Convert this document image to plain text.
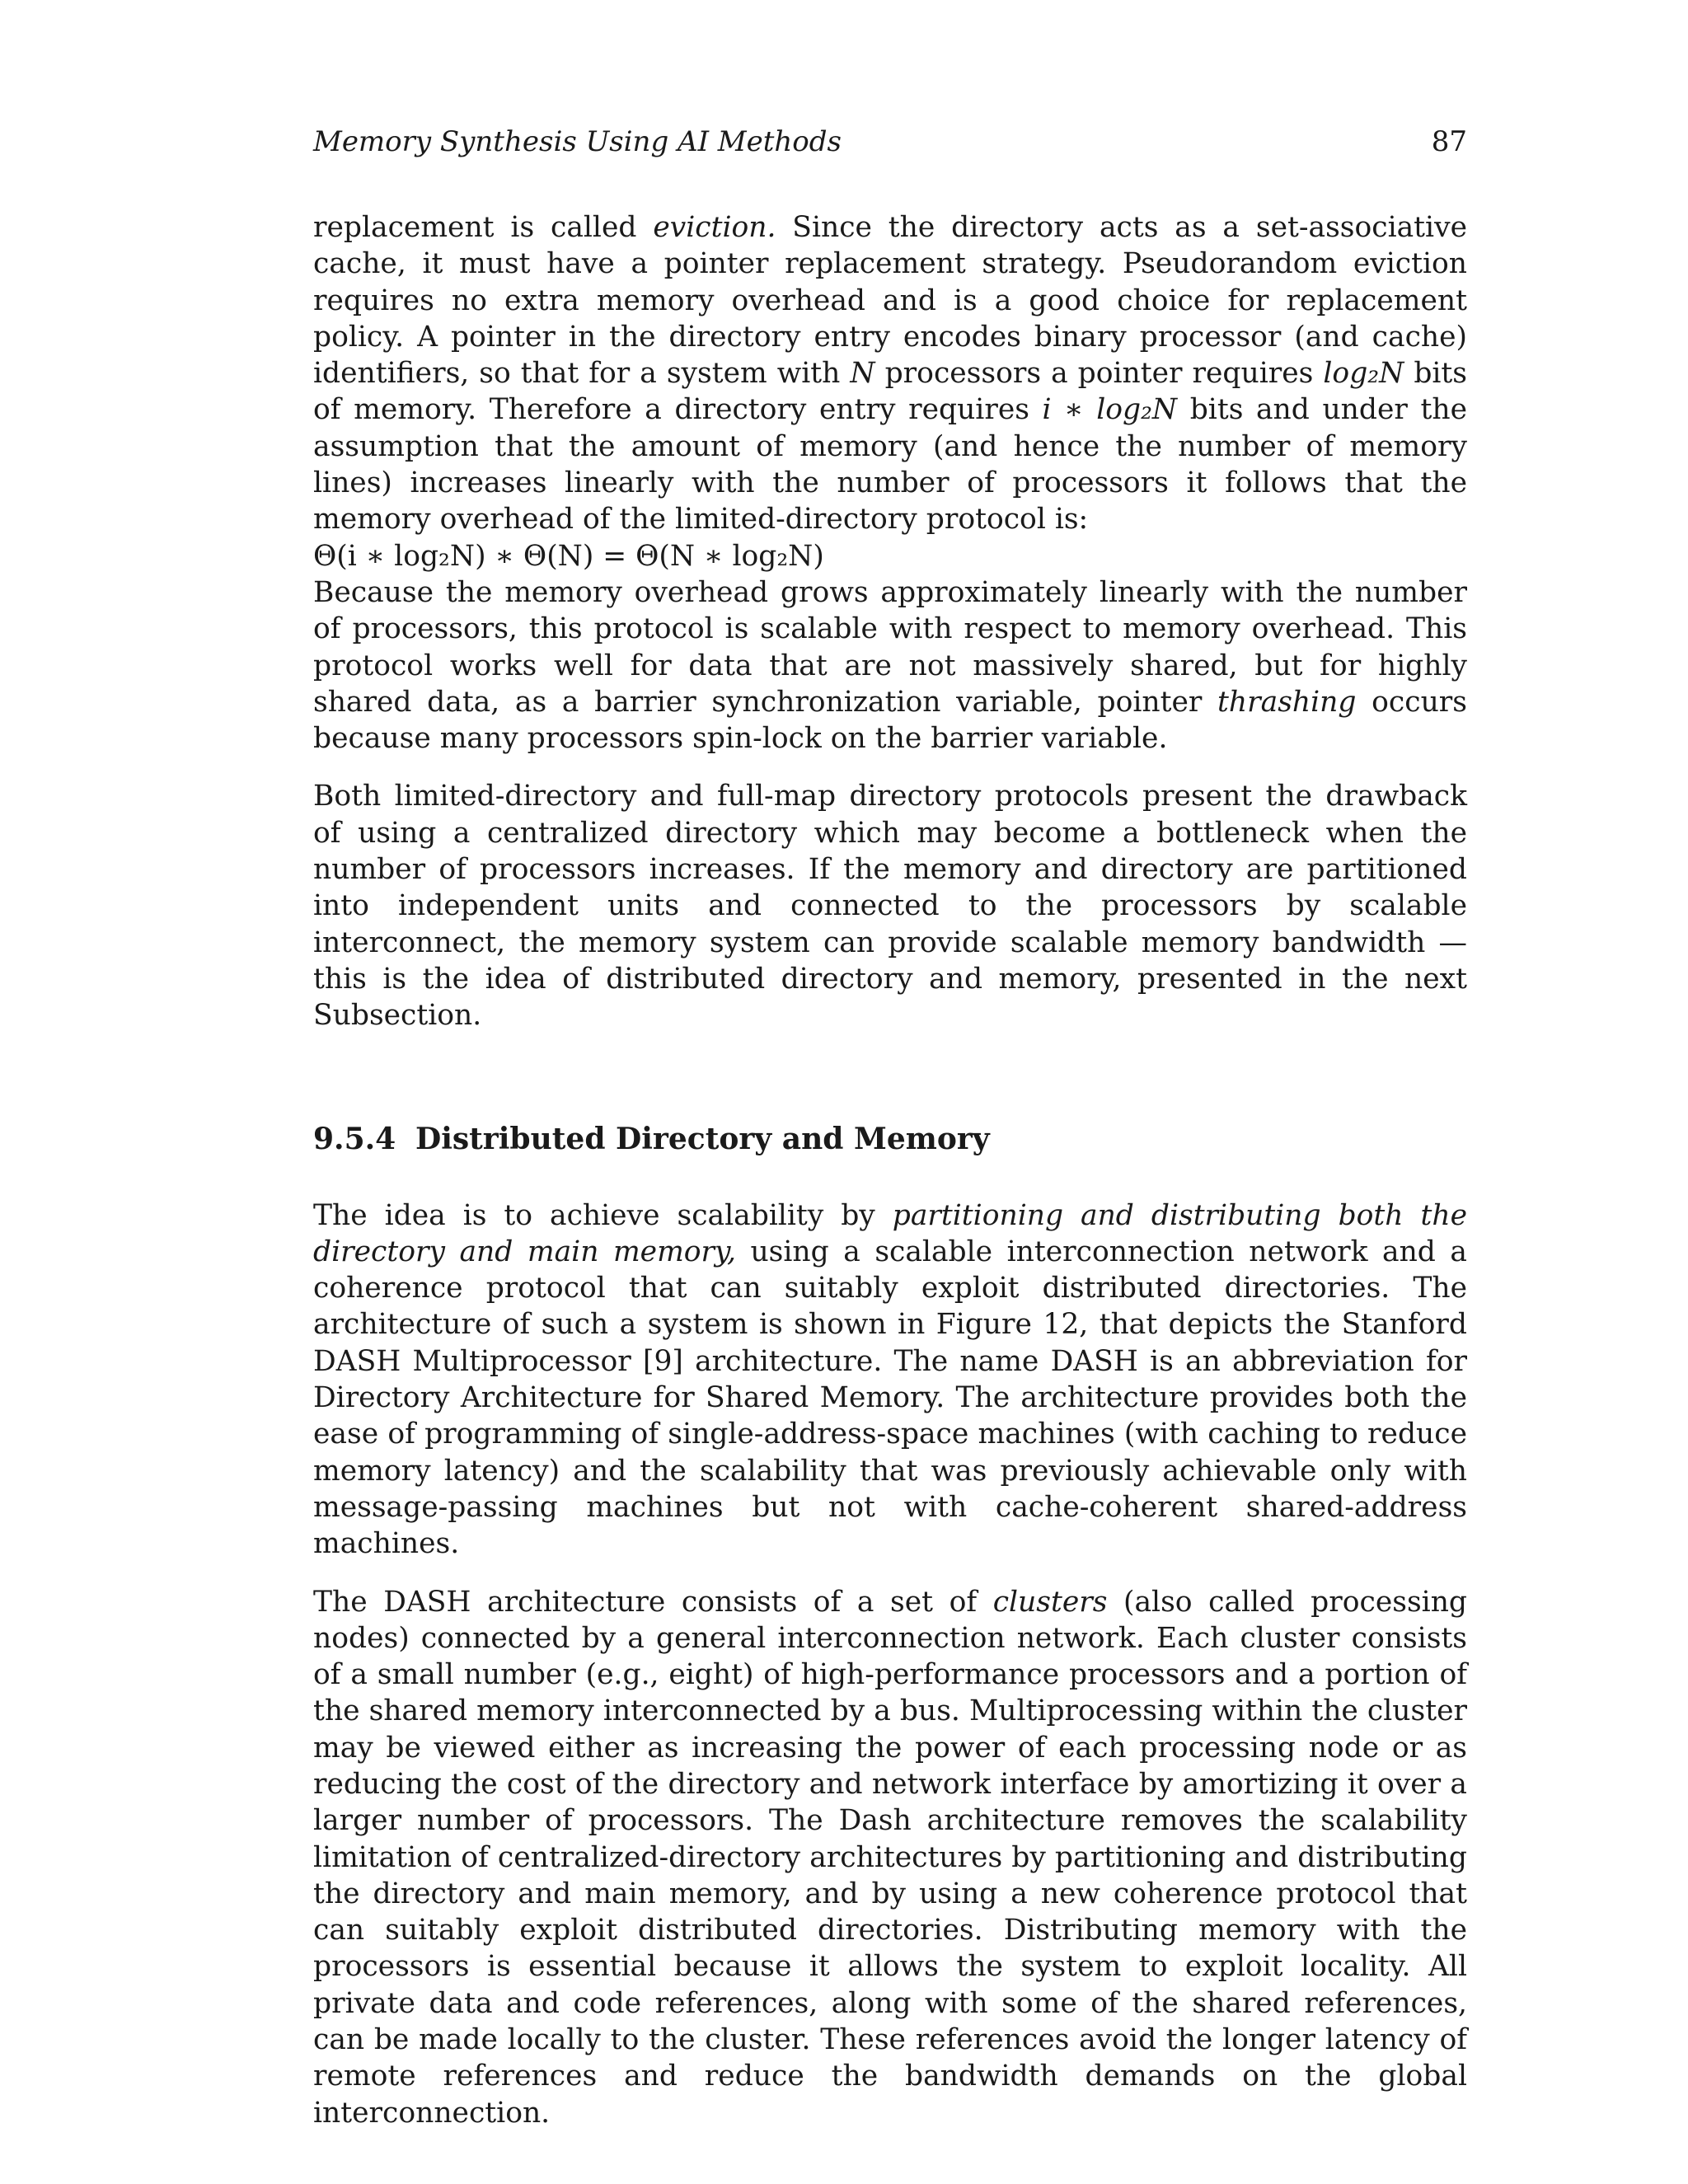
Memory Synthesis Using AI Methods	87

replacement is called eviction. Since the directory acts as a set-associative cache, it must have a pointer replacement strategy. Pseudorandom eviction requires no extra memory overhead and is a good choice for replacement policy. A pointer in the directory entry encodes binary processor (and cache) identifiers, so that for a system with N processors a pointer requires log₂N bits of memory. Therefore a directory entry requires i ∗ log₂N bits and under the assumption that the amount of memory (and hence the number of memory lines) increases linearly with the number of processors it follows that the memory overhead of the limited-directory protocol is:

Θ(i ∗ log₂N) ∗ Θ(N) = Θ(N ∗ log₂N)

Because the memory overhead grows approximately linearly with the number of processors, this protocol is scalable with respect to memory overhead. This protocol works well for data that are not massively shared, but for highly shared data, as a barrier synchronization variable, pointer thrashing occurs because many processors spin-lock on the barrier variable.

Both limited-directory and full-map directory protocols present the drawback of using a centralized directory which may become a bottleneck when the number of processors increases. If the memory and directory are partitioned into independent units and connected to the processors by scalable interconnect, the memory system can provide scalable memory bandwidth — this is the idea of distributed directory and memory, presented in the next Subsection.

9.5.4 Distributed Directory and Memory

The idea is to achieve scalability by partitioning and distributing both the directory and main memory, using a scalable interconnection network and a coherence protocol that can suitably exploit distributed directories. The architecture of such a system is shown in Figure 12, that depicts the Stanford DASH Multiprocessor [9] architecture. The name DASH is an abbreviation for Directory Architecture for Shared Memory. The architecture provides both the ease of programming of single-address-space machines (with caching to reduce memory latency) and the scalability that was previously achievable only with message-passing machines but not with cache-coherent shared-address machines.

The DASH architecture consists of a set of clusters (also called processing nodes) connected by a general interconnection network. Each cluster consists of a small number (e.g., eight) of high-performance processors and a portion of the shared memory interconnected by a bus. Multiprocessing within the cluster may be viewed either as increasing the power of each processing node or as reducing the cost of the directory and network interface by amortizing it over a larger number of processors. The Dash architecture removes the scalability limitation of centralized-directory architectures by partitioning and distributing the directory and main memory, and by using a new coherence protocol that can suitably exploit distributed directories. Distributing memory with the processors is essential because it allows the system to exploit locality. All private data and code references, along with some of the shared references, can be made locally to the cluster. These references avoid the longer latency of remote references and reduce the bandwidth demands on the global interconnection.
